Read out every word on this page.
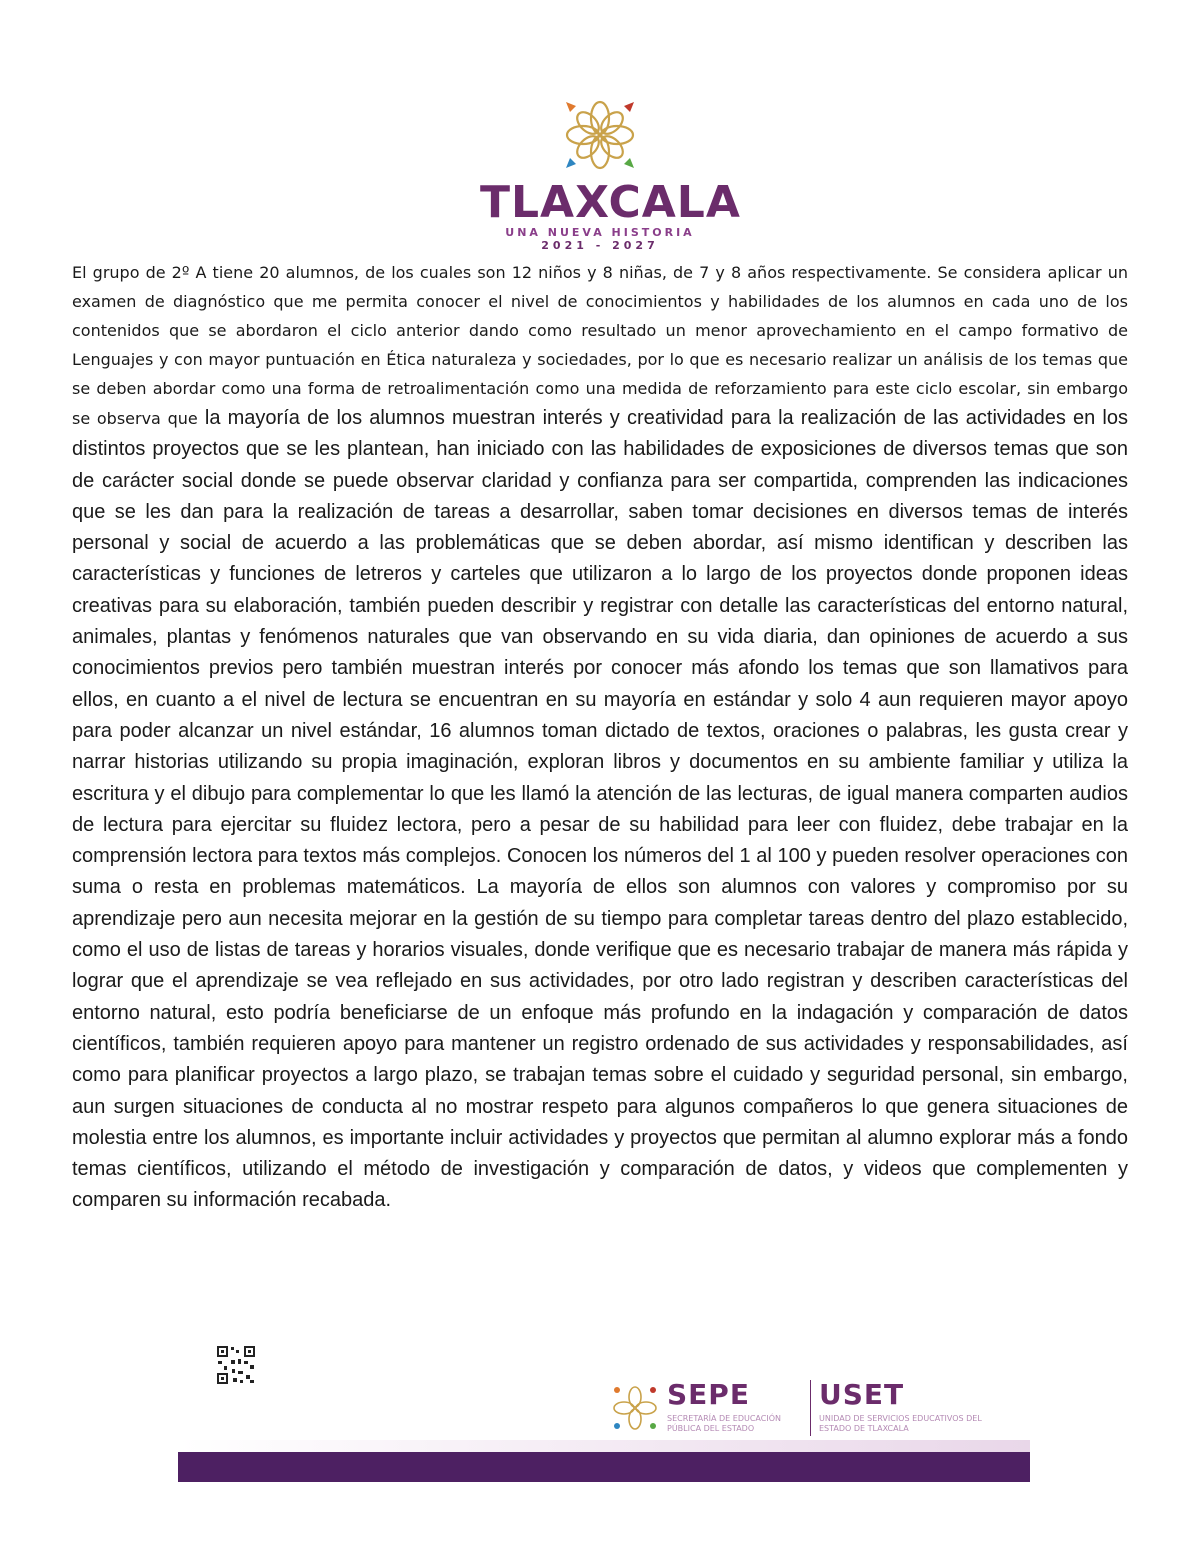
TLAXCALA
UNA NUEVA HISTORIA
2021 - 2027
El grupo de 2º A tiene 20 alumnos, de los cuales son 12 niños y 8 niñas, de 7 y 8 años respectivamente. Se considera aplicar un examen de diagnóstico que me permita conocer el nivel de conocimientos y habilidades de los alumnos en cada uno de los contenidos que se abordaron el ciclo anterior dando como resultado un menor aprovechamiento en el campo formativo de Lenguajes y con mayor puntuación en Ética naturaleza y sociedades, por lo que es necesario realizar un análisis de los temas que se deben abordar como una forma de retroalimentación como una medida de reforzamiento para este ciclo escolar, sin embargo se observa que la mayoría de los alumnos muestran interés y creatividad para la realización de las actividades en los distintos proyectos que se les plantean, han iniciado con las habilidades de exposiciones de diversos temas que son de carácter social donde se puede observar claridad y confianza para ser compartida, comprenden las indicaciones que se les dan para la realización de tareas a desarrollar, saben tomar decisiones en diversos temas de interés personal y social de acuerdo a las problemáticas que se deben abordar, así mismo identifican y describen las características y funciones de letreros y carteles que utilizaron a lo largo de los proyectos donde proponen ideas creativas para su elaboración, también pueden describir y registrar con detalle las características del entorno natural, animales, plantas y fenómenos naturales que van observando en su vida diaria, dan opiniones de acuerdo a sus conocimientos previos pero también muestran interés por conocer más afondo los temas que son llamativos para ellos, en cuanto a el nivel de lectura se encuentran en su mayoría en estándar y solo 4 aun requieren mayor apoyo para poder alcanzar un nivel estándar, 16 alumnos toman dictado de textos, oraciones o palabras, les gusta crear y narrar historias utilizando su propia imaginación, exploran libros y documentos en su ambiente familiar y utiliza la escritura y el dibujo para complementar lo que les llamó la atención de las lecturas, de igual manera comparten audios de lectura para ejercitar su fluidez lectora, pero a pesar de su habilidad para leer con fluidez, debe trabajar en la comprensión lectora para textos más complejos. Conocen los números del 1 al 100 y pueden resolver operaciones con suma o resta en problemas matemáticos. La mayoría de ellos son alumnos con valores y compromiso por su aprendizaje pero aun necesita mejorar en la gestión de su tiempo para completar tareas dentro del plazo establecido, como el uso de listas de tareas y horarios visuales, donde verifique que es necesario trabajar de manera más rápida y lograr que el aprendizaje se vea reflejado en sus actividades, por otro lado registran y describen características del entorno natural, esto podría beneficiarse de un enfoque más profundo en la indagación y comparación de datos científicos, también requieren apoyo para mantener un registro ordenado de sus actividades y responsabilidades, así como para planificar proyectos a largo plazo, se trabajan temas sobre el cuidado y seguridad personal, sin embargo, aun surgen situaciones de conducta al no mostrar respeto para algunos compañeros lo que genera situaciones de molestia entre los alumnos, es importante incluir actividades y proyectos que permitan al alumno explorar más a fondo temas científicos, utilizando el método de investigación y comparación de datos, y videos que complementen y comparen su información recabada.
SEPE
SECRETARÍA DE EDUCACIÓN PÚBLICA DEL ESTADO
USET
UNIDAD DE SERVICIOS EDUCATIVOS DEL ESTADO DE TLAXCALA
